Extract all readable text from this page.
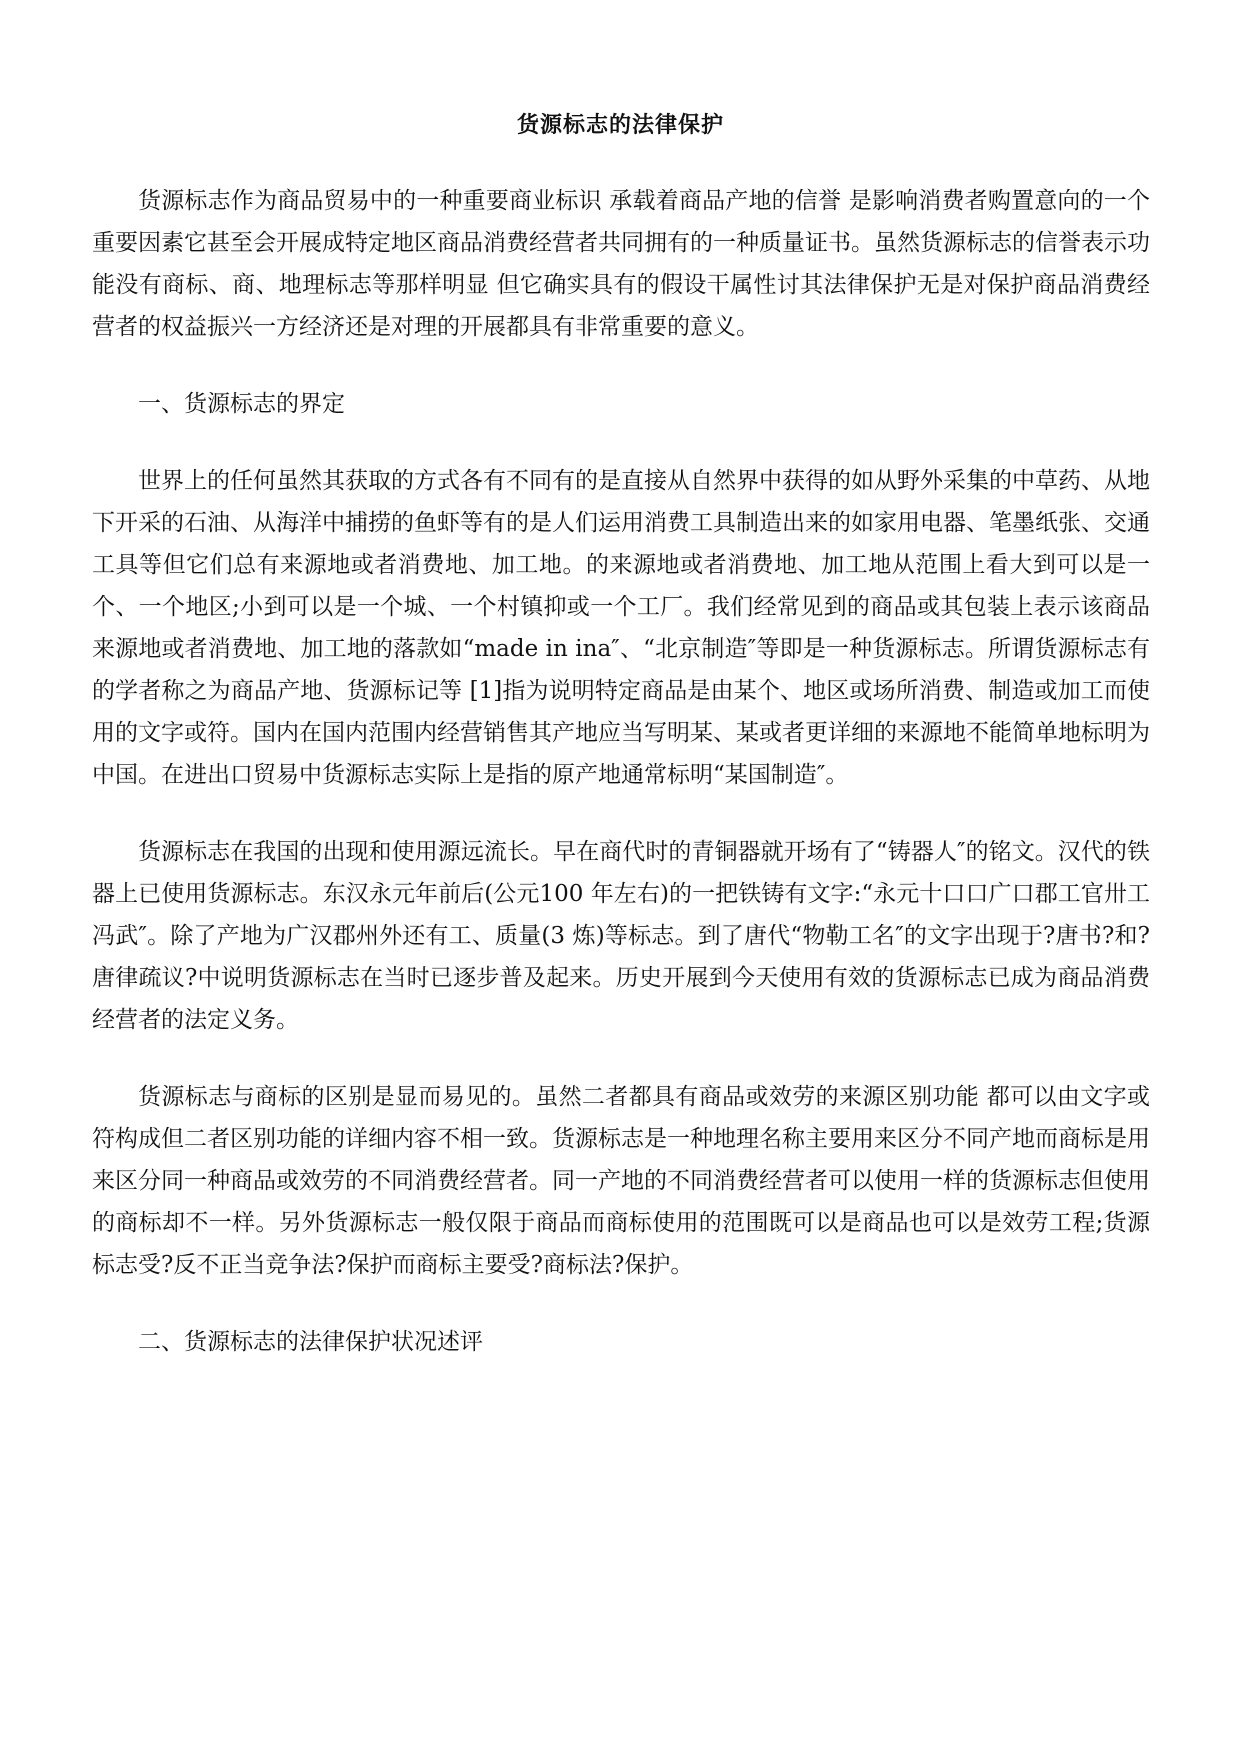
货源标志的法律保护

货源标志作为商品贸易中的一种重要商业标识 承载着商品产地的信誉 是影响消费者购置意向的一个重要因素它甚至会开展成特定地区商品消费经营者共同拥有的一种质量证书。虽然货源标志的信誉表示功能没有商标、商、地理标志等那样明显 但它确实具有的假设干属性讨其法律保护无是对保护商品消费经营者的权益振兴一方经济还是对理的开展都具有非常重要的意义。

一、货源标志的界定

世界上的任何虽然其获取的方式各有不同有的是直接从自然界中获得的如从野外采集的中草药、从地下开采的石油、从海洋中捕捞的鱼虾等有的是人们运用消费工具制造出来的如家用电器、笔墨纸张、交通工具等但它们总有来源地或者消费地、加工地。的来源地或者消费地、加工地从范围上看大到可以是一个、一个地区;小到可以是一个城、一个村镇抑或一个工厂。我们经常见到的商品或其包装上表示该商品来源地或者消费地、加工地的落款如“made in ina″、“北京制造″等即是一种货源标志。所谓货源标志有的学者称之为商品产地、货源标记等 [1]指为说明特定商品是由某个、地区或场所消费、制造或加工而使用的文字或符。国内在国内范围内经营销售其产地应当写明某、某或者更详细的来源地不能简单地标明为中国。在进出口贸易中货源标志实际上是指的原产地通常标明“某国制造″。

货源标志在我国的出现和使用源远流长。早在商代时的青铜器就开场有了“铸器人″的铭文。汉代的铁器上已使用货源标志。东汉永元年前后(公元100 年左右)的一把铁铸有文字:“永元十口口广口郡工官卅工冯武″。除了产地为广汉郡州外还有工、质量(3 炼)等标志。到了唐代“物勒工名″的文字出现于?唐书?和?唐律疏议?中说明货源标志在当时已逐步普及起来。历史开展到今天使用有效的货源标志已成为商品消费经营者的法定义务。

货源标志与商标的区别是显而易见的。虽然二者都具有商品或效劳的来源区别功能 都可以由文字或符构成但二者区别功能的详细内容不相一致。货源标志是一种地理名称主要用来区分不同产地而商标是用来区分同一种商品或效劳的不同消费经营者。同一产地的不同消费经营者可以使用一样的货源标志但使用的商标却不一样。另外货源标志一般仅限于商品而商标使用的范围既可以是商品也可以是效劳工程;货源标志受?反不正当竞争法?保护而商标主要受?商标法?保护。

二、货源标志的法律保护状况述评
